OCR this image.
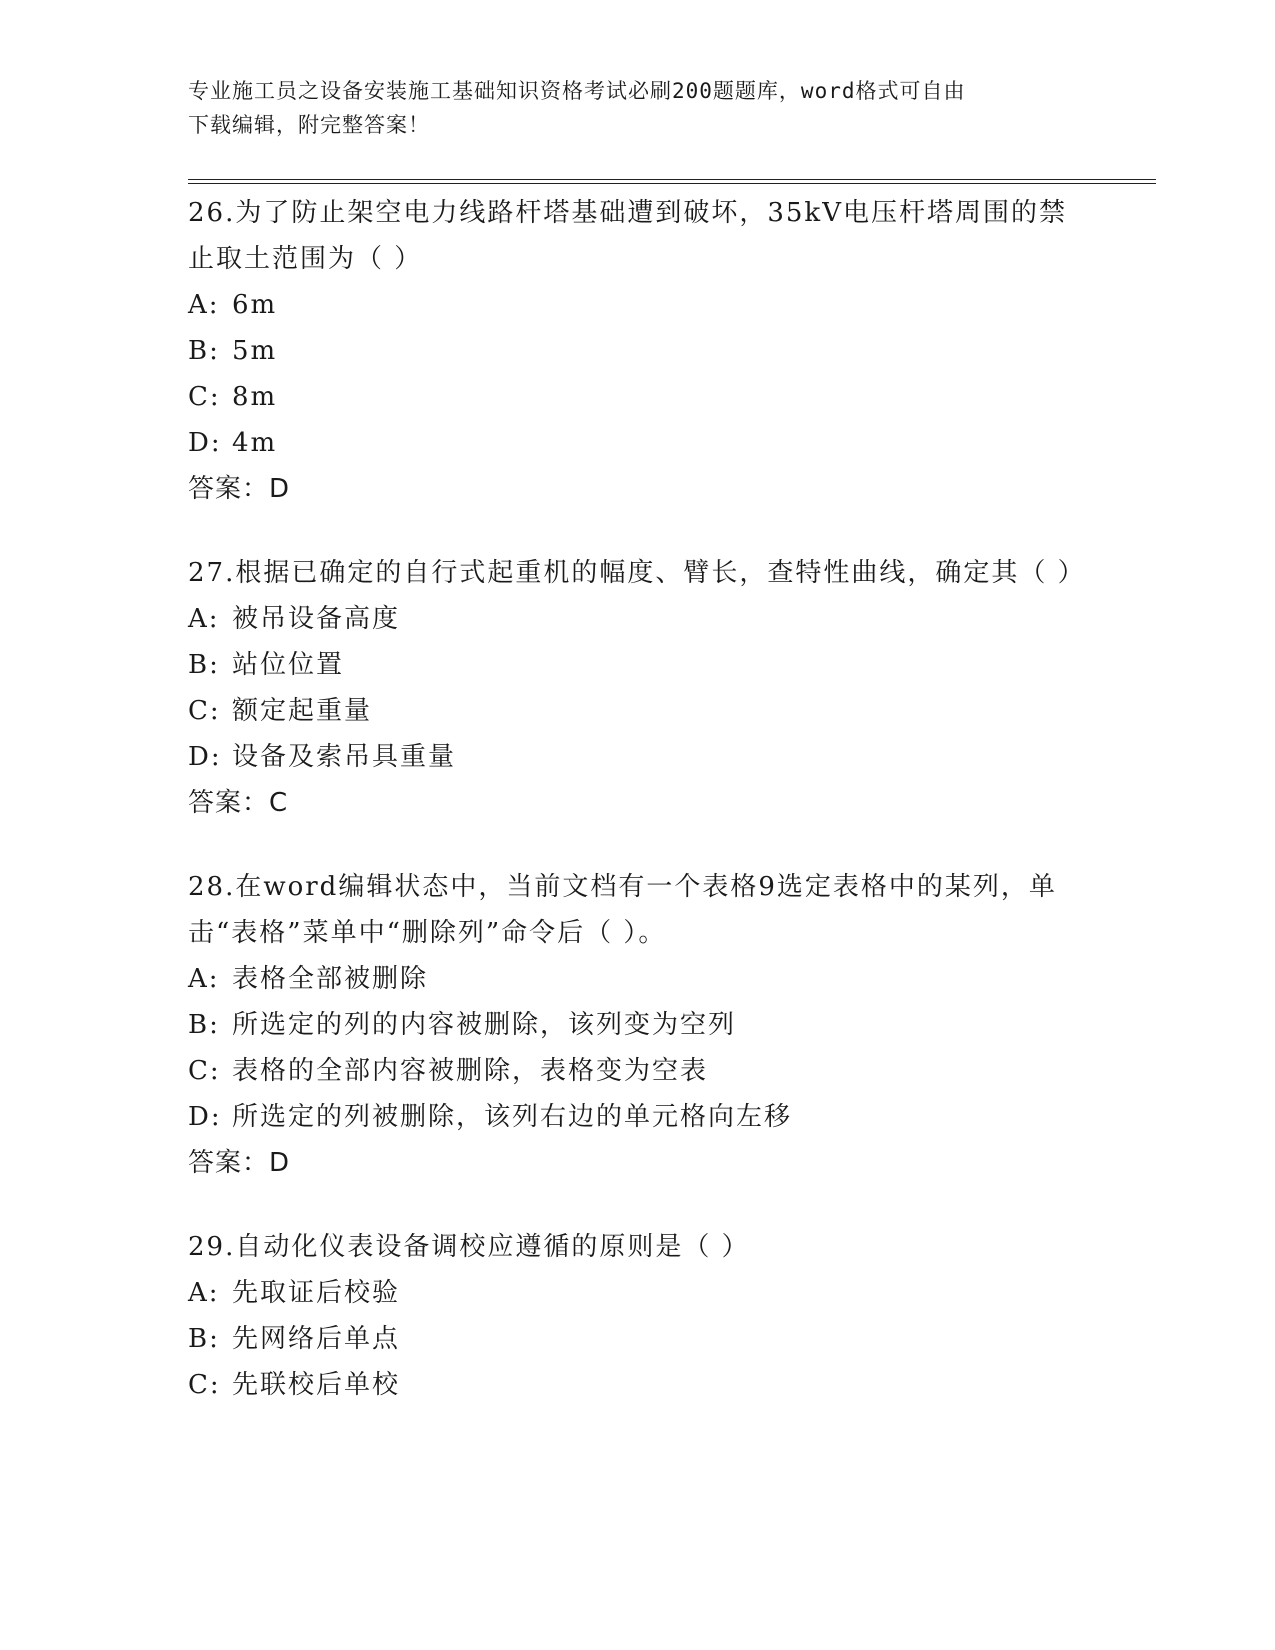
专业施工员之设备安装施工基础知识资格考试必刷200题题库，word格式可自由
下载编辑，附完整答案！
26.为了防止架空电力线路杆塔基础遭到破坏，35kV电压杆塔周围的禁止取土范围为（ ）
A: 6m
B: 5m
C: 8m
D: 4m
答案：D
27.根据已确定的自行式起重机的幅度、臂长，查特性曲线，确定其（ ）
A: 被吊设备高度
B: 站位位置
C: 额定起重量
D: 设备及索吊具重量
答案：C
28.在word编辑状态中，当前文档有一个表格9选定表格中的某列，单击“表格”菜单中“删除列”命令后（ ）。
A: 表格全部被删除
B: 所选定的列的内容被删除，该列变为空列
C: 表格的全部内容被删除，表格变为空表
D: 所选定的列被删除，该列右边的单元格向左移
答案：D
29.自动化仪表设备调校应遵循的原则是（ ）
A: 先取证后校验
B: 先网络后单点
C: 先联校后单校
